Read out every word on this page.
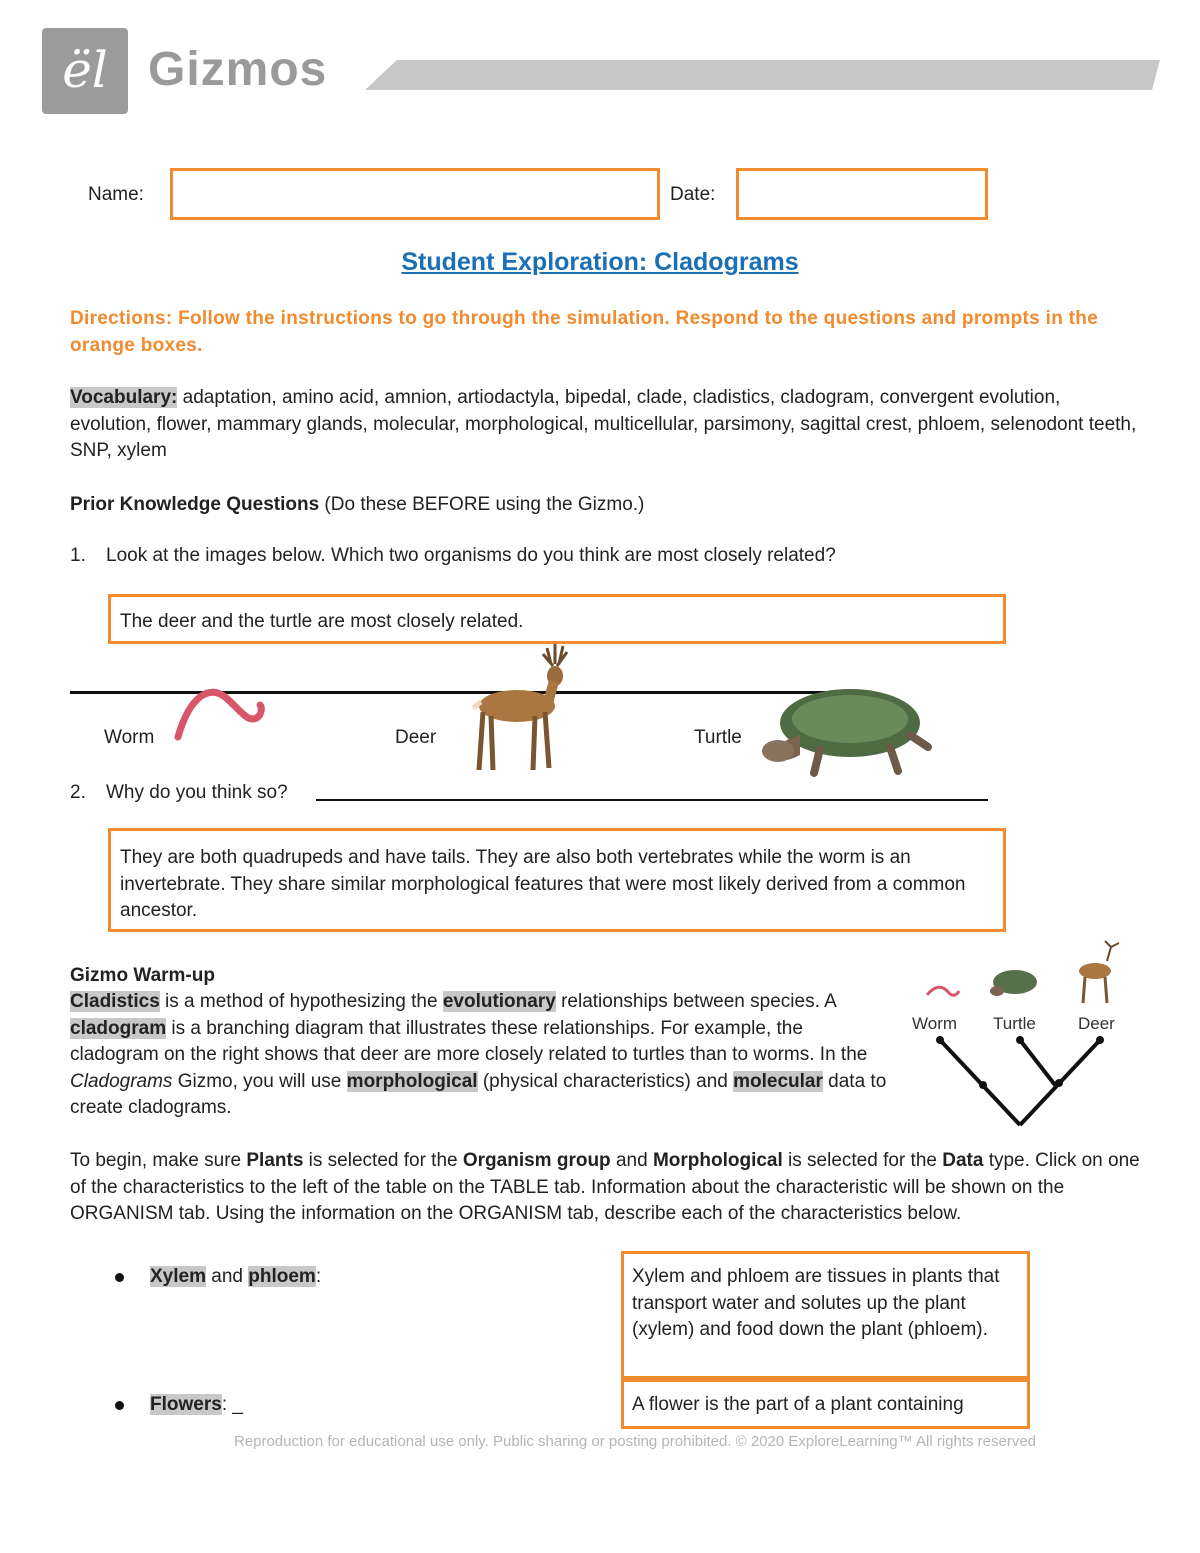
ël Gizmos
Name:	Date:
Student Exploration: Cladograms
Directions: Follow the instructions to go through the simulation. Respond to the questions and prompts in the orange boxes.
Vocabulary: adaptation, amino acid, amnion, artiodactyla, bipedal, clade, cladistics, cladogram, convergent evolution, evolution, flower, mammary glands, molecular, morphological, multicellular, parsimony, sagittal crest, phloem, selenodont teeth, SNP, xylem
Prior Knowledge Questions (Do these BEFORE using the Gizmo.)
1. Look at the images below. Which two organisms do you think are most closely related?
The deer and the turtle are most closely related.
Worm	Deer	Turtle
2. Why do you think so?
They are both quadrupeds and have tails. They are also both vertebrates while the worm is an invertebrate. They share similar morphological features that were most likely derived from a common ancestor.
Gizmo Warm-up
Cladistics is a method of hypothesizing the evolutionary relationships between species. A cladogram is a branching diagram that illustrates these relationships. For example, the cladogram on the right shows that deer are more closely related to turtles than to worms. In the Cladograms Gizmo, you will use morphological (physical characteristics) and molecular data to create cladograms.
Worm Turtle Deer
To begin, make sure Plants is selected for the Organism group and Morphological is selected for the Data type. Click on one of the characteristics to the left of the table on the TABLE tab. Information about the characteristic will be shown on the ORGANISM tab. Using the information on the ORGANISM tab, describe each of the characteristics below.
Xylem and phloem:	Xylem and phloem are tissues in plants that transport water and solutes up the plant (xylem) and food down the plant (phloem).
Flowers: _	A flower is the part of a plant containing
Reproduction for educational use only. Public sharing or posting prohibited. © 2020 ExploreLearning™ All rights reserved
